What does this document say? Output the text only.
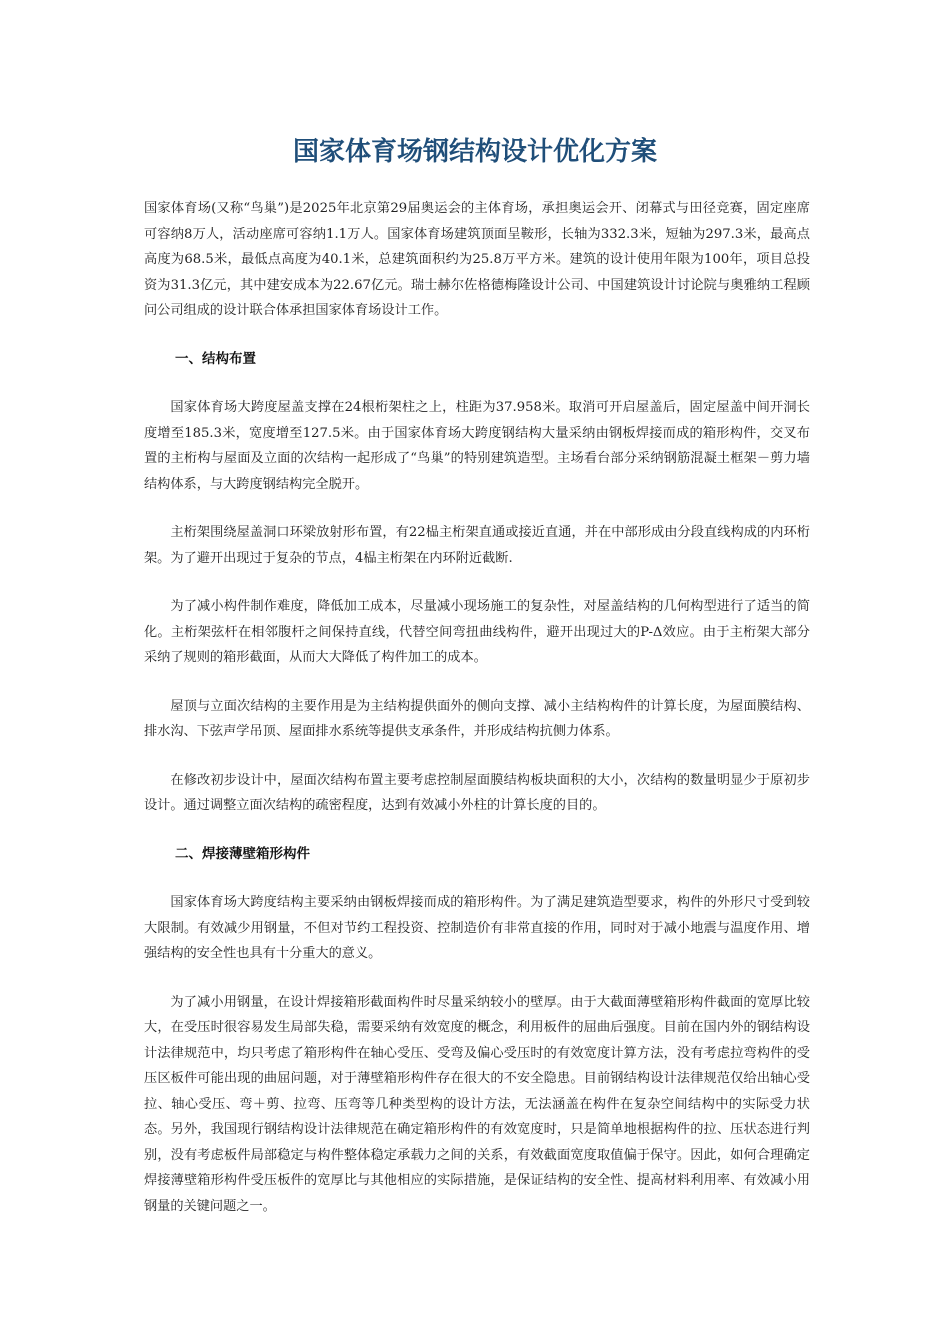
国家体育场钢结构设计优化方案

国家体育场(又称“鸟巢”)是2025年北京第29届奥运会的主体育场，承担奥运会开、闭幕式与田径竞赛，固定座席可容纳8万人，活动座席可容纳1.1万人。国家体育场建筑顶面呈鞍形，长轴为332.3米，短轴为297.3米，最高点高度为68.5米，最低点高度为40.1米，总建筑面积约为25.8万平方米。建筑的设计使用年限为100年，项目总投资为31.3亿元，其中建安成本为22.67亿元。瑞士赫尔佐格德梅隆设计公司、中国建筑设计讨论院与奥雅纳工程顾问公司组成的设计联合体承担国家体育场设计工作。

一、结构布置

国家体育场大跨度屋盖支撑在24根桁架柱之上，柱距为37.958米。取消可开启屋盖后，固定屋盖中间开洞长度增至185.3米，宽度增至127.5米。由于国家体育场大跨度钢结构大量采纳由钢板焊接而成的箱形构件，交叉布置的主桁构与屋面及立面的次结构一起形成了“鸟巢”的特别建筑造型。主场看台部分采纳钢筋混凝土框架－剪力墙结构体系，与大跨度钢结构完全脱开。

主桁架围绕屋盖洞口环梁放射形布置，有22榀主桁架直通或接近直通，并在中部形成由分段直线构成的内环桁架。为了避开出现过于复杂的节点，4榀主桁架在内环附近截断.

为了减小构件制作难度，降低加工成本，尽量减小现场施工的复杂性，对屋盖结构的几何构型进行了适当的简化。主桁架弦杆在相邻腹杆之间保持直线，代替空间弯扭曲线构件，避开出现过大的P-Δ效应。由于主桁架大部分采纳了规则的箱形截面，从而大大降低了构件加工的成本。

屋顶与立面次结构的主要作用是为主结构提供面外的侧向支撑、减小主结构构件的计算长度，为屋面膜结构、排水沟、下弦声学吊顶、屋面排水系统等提供支承条件，并形成结构抗侧力体系。

在修改初步设计中，屋面次结构布置主要考虑控制屋面膜结构板块面积的大小，次结构的数量明显少于原初步设计。通过调整立面次结构的疏密程度，达到有效减小外柱的计算长度的目的。

二、焊接薄壁箱形构件

国家体育场大跨度结构主要采纳由钢板焊接而成的箱形构件。为了满足建筑造型要求，构件的外形尺寸受到较大限制。有效减少用钢量，不但对节约工程投资、控制造价有非常直接的作用，同时对于减小地震与温度作用、增强结构的安全性也具有十分重大的意义。

为了减小用钢量，在设计焊接箱形截面构件时尽量采纳较小的壁厚。由于大截面薄壁箱形构件截面的宽厚比较大，在受压时很容易发生局部失稳，需要采纳有效宽度的概念，利用板件的屈曲后强度。目前在国内外的钢结构设计法律规范中，均只考虑了箱形构件在轴心受压、受弯及偏心受压时的有效宽度计算方法，没有考虑拉弯构件的受压区板件可能出现的曲屈问题，对于薄壁箱形构件存在很大的不安全隐患。目前钢结构设计法律规范仅给出轴心受拉、轴心受压、弯＋剪、拉弯、压弯等几种类型构的设计方法，无法涵盖在构件在复杂空间结构中的实际受力状态。另外，我国现行钢结构设计法律规范在确定箱形构件的有效宽度时，只是简单地根据构件的拉、压状态进行判别，没有考虑板件局部稳定与构件整体稳定承载力之间的关系，有效截面宽度取值偏于保守。因此，如何合理确定焊接薄壁箱形构件受压板件的宽厚比与其他相应的实际措施，是保证结构的安全性、提高材料利用率、有效减小用钢量的关键问题之一。
